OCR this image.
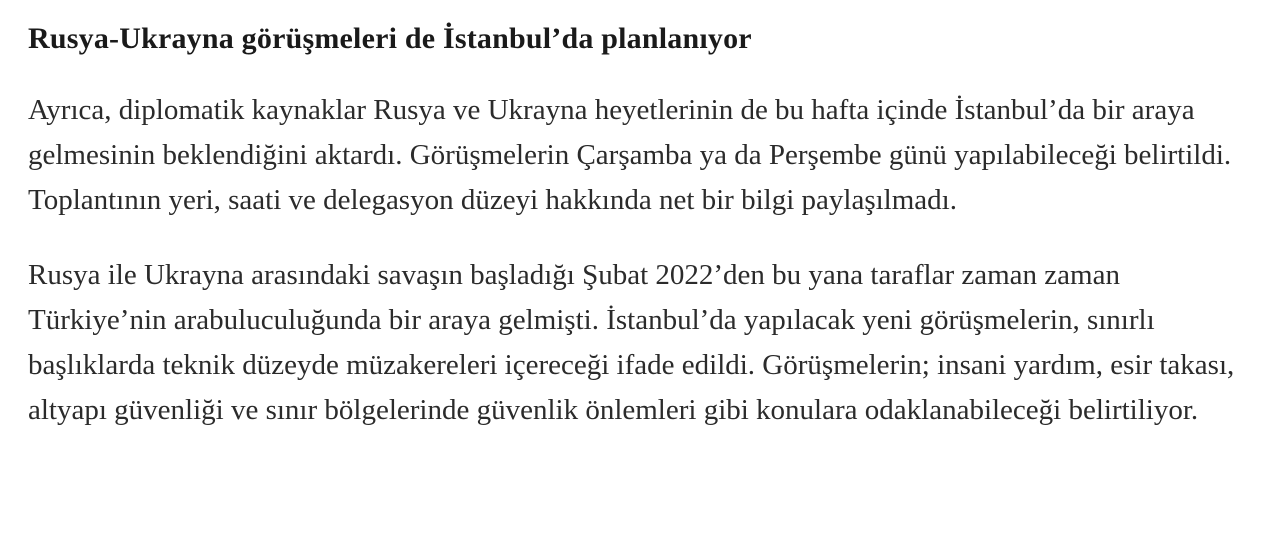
Rusya-Ukrayna görüşmeleri de İstanbul’da planlanıyor

Ayrıca, diplomatik kaynaklar Rusya ve Ukrayna heyetlerinin de bu hafta içinde İstanbul’da bir araya gelmesinin beklendiğini aktardı. Görüşmelerin Çarşamba ya da Perşembe günü yapılabileceği belirtildi. Toplantının yeri, saati ve delegasyon düzeyi hakkında net bir bilgi paylaşılmadı.

Rusya ile Ukrayna arasındaki savaşın başladığı Şubat 2022’den bu yana taraflar zaman zaman Türkiye’nin arabuluculuğunda bir araya gelmişti. İstanbul’da yapılacak yeni görüşmelerin, sınırlı başlıklarda teknik düzeyde müzakereleri içereceği ifade edildi. Görüşmelerin; insani yardım, esir takası, altyapı güvenliği ve sınır bölgelerinde güvenlik önlemleri gibi konulara odaklanabileceği belirtiliyor.
